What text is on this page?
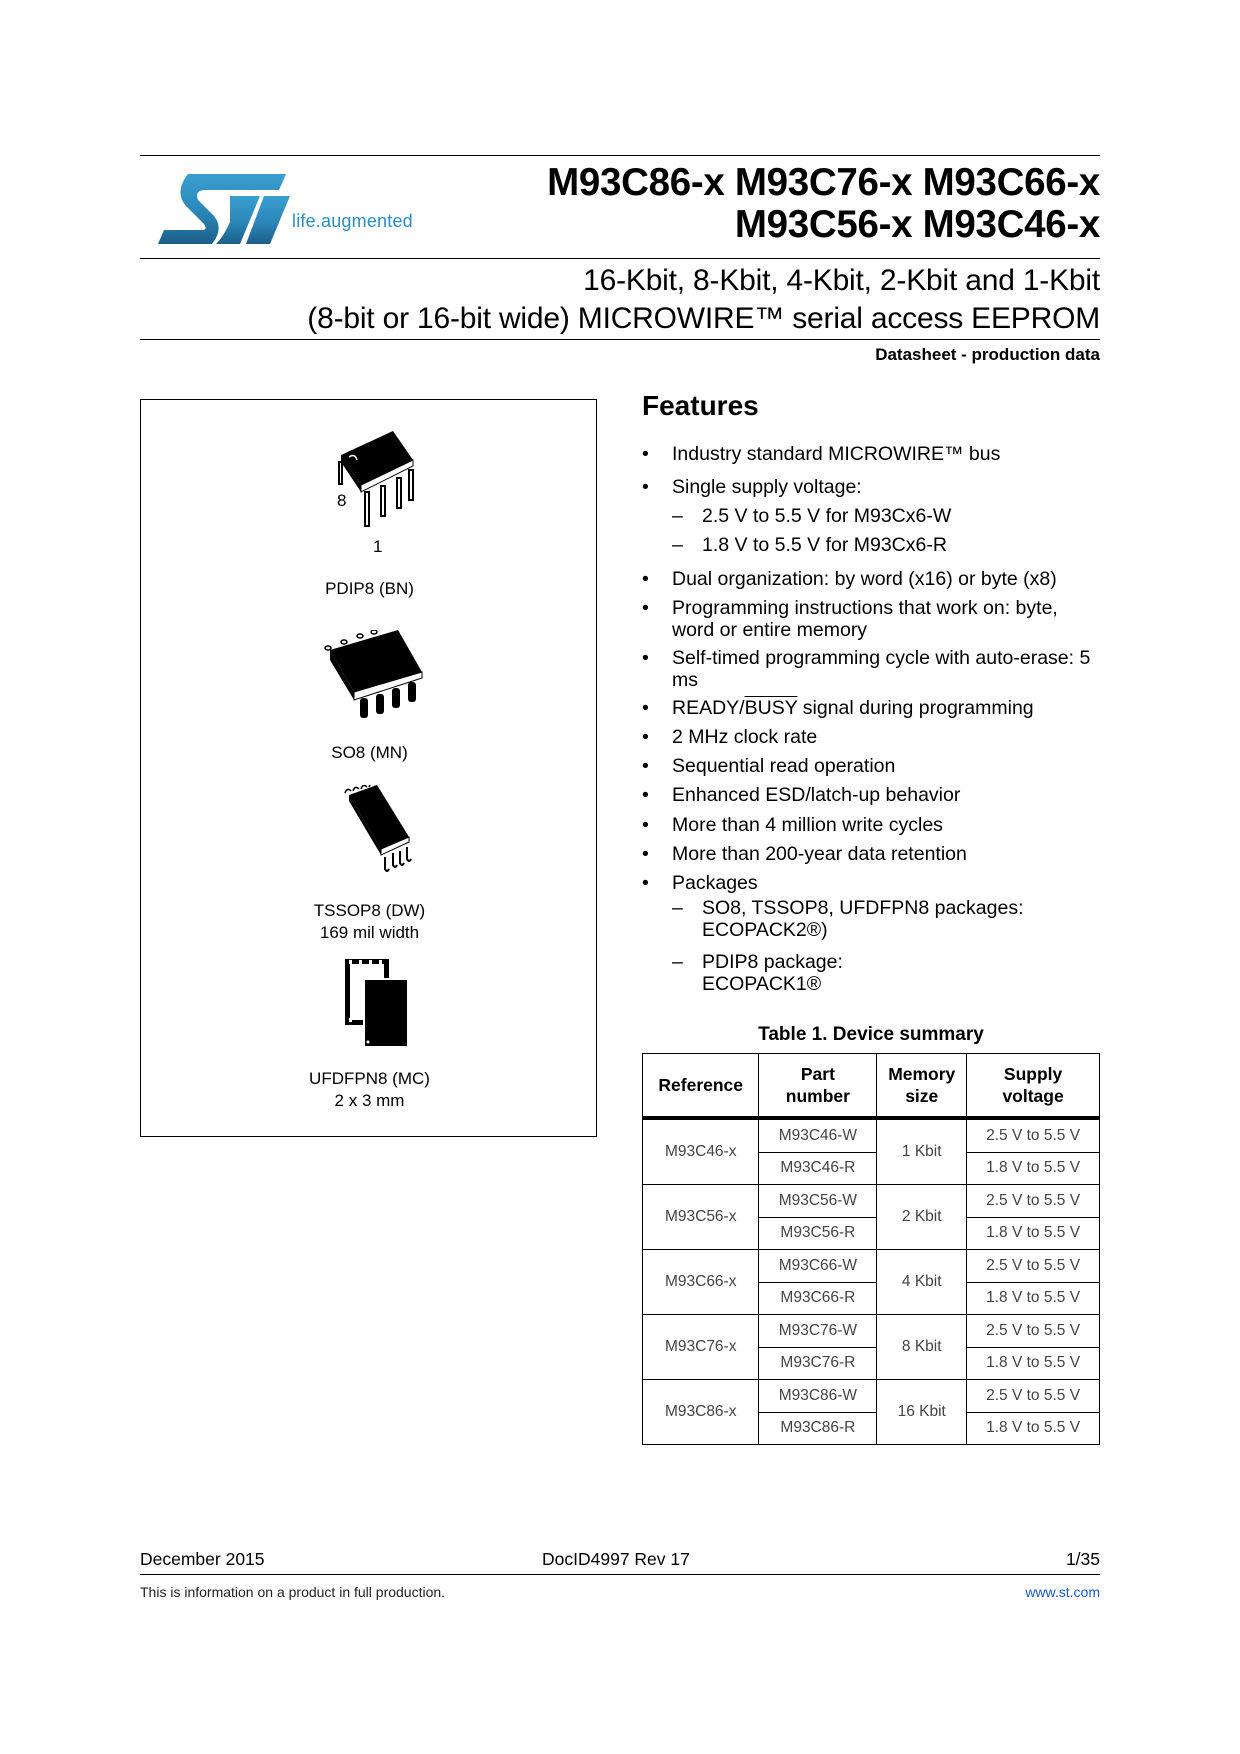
life.augmented
M93C86-x M93C76-x M93C66-x
M93C56-x M93C46-x
16-Kbit, 8-Kbit, 4-Kbit, 2-Kbit and 1-Kbit
(8-bit or 16-bit wide) MICROWIRE™ serial access EEPROM
Datasheet - production data
8
1
PDIP8 (BN)
SO8 (MN)
TSSOP8 (DW)
169 mil width
UFDFPN8 (MC)
2 x 3 mm
Features
•	Industry standard MICROWIRE™ bus
•	Single supply voltage:
– 2.5 V to 5.5 V for M93Cx6-W
– 1.8 V to 5.5 V for M93Cx6-R
•	Dual organization: by word (x16) or byte (x8)
•	Programming instructions that work on: byte, word or entire memory
•	Self-timed programming cycle with auto-erase: 5 ms
•	READY/BUSY signal during programming
•	2 MHz clock rate
•	Sequential read operation
•	Enhanced ESD/latch-up behavior
•	More than 4 million write cycles
•	More than 200-year data retention
•	Packages
– SO8, TSSOP8, UFDFPN8 packages: ECOPACK2®)
– PDIP8 package: ECOPACK1®
Table 1. Device summary
Reference	Part number	Memory size	Supply voltage
M93C46-x	M93C46-W	1 Kbit	2.5 V to 5.5 V
	M93C46-R		1.8 V to 5.5 V
M93C56-x	M93C56-W	2 Kbit	2.5 V to 5.5 V
	M93C56-R		1.8 V to 5.5 V
M93C66-x	M93C66-W	4 Kbit	2.5 V to 5.5 V
	M93C66-R		1.8 V to 5.5 V
M93C76-x	M93C76-W	8 Kbit	2.5 V to 5.5 V
	M93C76-R		1.8 V to 5.5 V
M93C86-x	M93C86-W	16 Kbit	2.5 V to 5.5 V
	M93C86-R		1.8 V to 5.5 V
December 2015	DocID4997 Rev 17	1/35
This is information on a product in full production.	www.st.com
